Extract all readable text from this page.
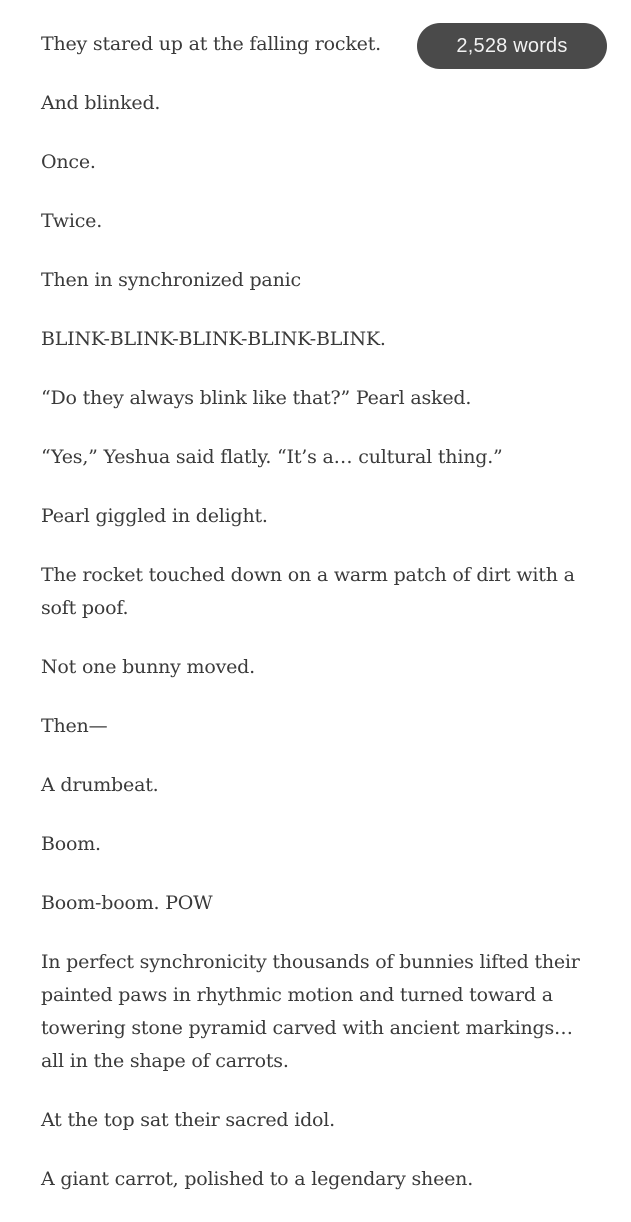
They stared up at the falling rocket.

And blinked.

Once.

Twice.

Then in synchronized panic

BLINK-BLINK-BLINK-BLINK-BLINK.

“Do they always blink like that?” Pearl asked.

“Yes,” Yeshua said flatly. “It’s a… cultural thing.”

Pearl giggled in delight.

The rocket touched down on a warm patch of dirt with a soft poof.

Not one bunny moved.

Then—

A drumbeat.

Boom.

Boom-boom. POW

In perfect synchronicity thousands of bunnies lifted their painted paws in rhythmic motion and turned toward a towering stone pyramid carved with ancient markings… all in the shape of carrots.

At the top sat their sacred idol.

A giant carrot, polished to a legendary sheen.

2,528 words
